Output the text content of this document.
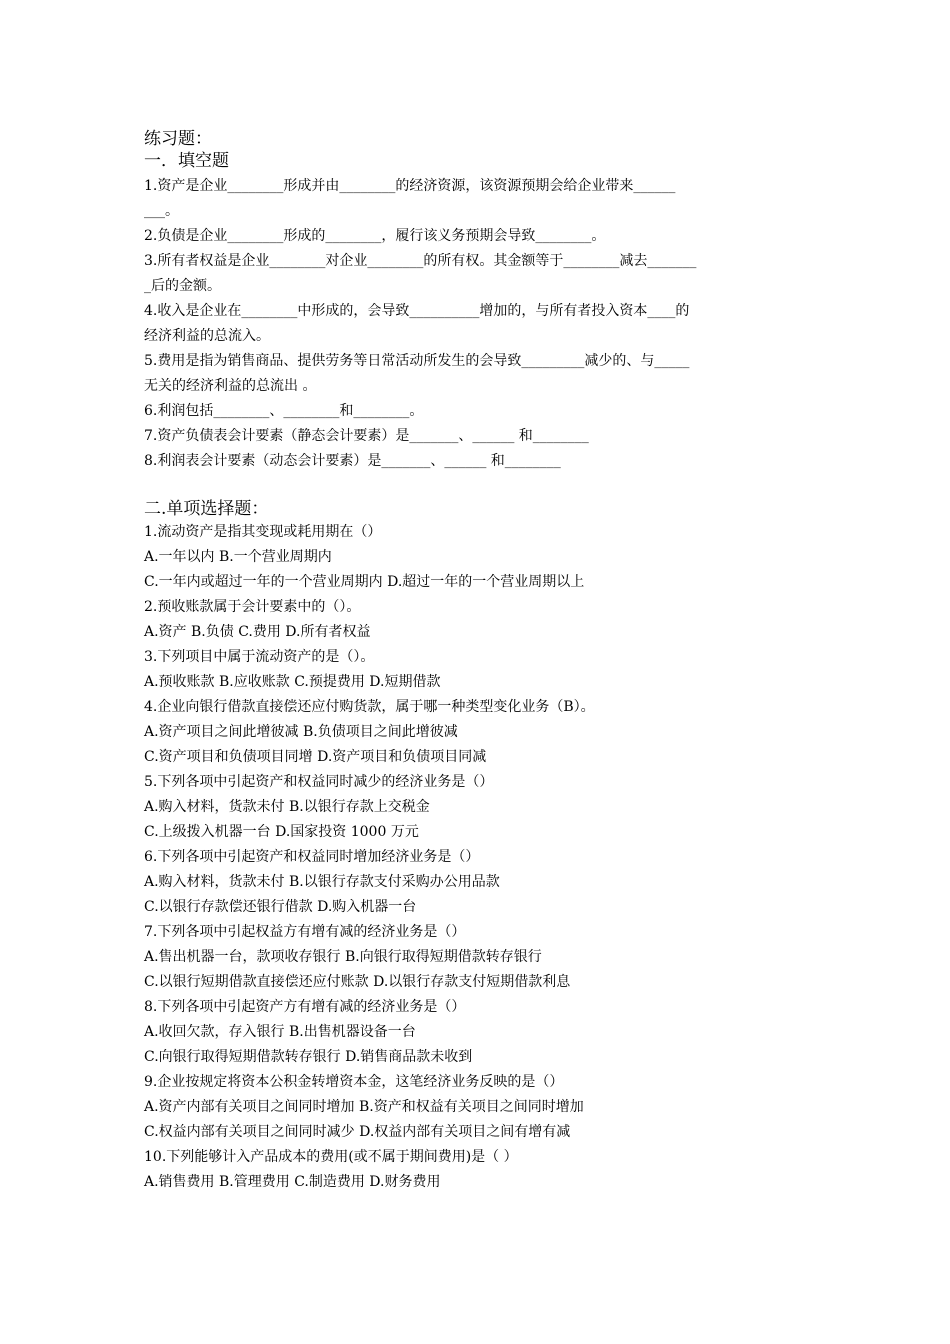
练习题：

一．填空题

1.资产是企业________形成并由________的经济资源，该资源预期会给企业带来______

___。

2.负债是企业________形成的________，履行该义务预期会导致________。

3.所有者权益是企业________对企业________的所有权。其金额等于________减去_______

_后的金额。

4.收入是企业在________中形成的，会导致__________增加的，与所有者投入资本____的

经济利益的总流入。

5.费用是指为销售商品、提供劳务等日常活动所发生的会导致_________减少的、与_____

无关的经济利益的总流出 。

6.利润包括________、________和________。

7.资产负债表会计要素（静态会计要素）是_______、______ 和________

8.利润表会计要素（动态会计要素）是_______、______ 和________

二.单项选择题：

1.流动资产是指其变现或耗用期在（）

A.一年以内 B.一个营业周期内

C.一年内或超过一年的一个营业周期内 D.超过一年的一个营业周期以上

2.预收账款属于会计要素中的（）。

A.资产 B.负债 C.费用 D.所有者权益

3.下列项目中属于流动资产的是（）。

A.预收账款 B.应收账款 C.预提费用 D.短期借款

4.企业向银行借款直接偿还应付购货款，属于哪一种类型变化业务（B）。

A.资产项目之间此增彼减 B.负债项目之间此增彼减

C.资产项目和负债项目同增 D.资产项目和负债项目同减

5.下列各项中引起资产和权益同时减少的经济业务是（）

A.购入材料，货款未付 B.以银行存款上交税金

C.上级拨入机器一台 D.国家投资 1000 万元

6.下列各项中引起资产和权益同时增加经济业务是（）

A.购入材料，货款未付 B.以银行存款支付采购办公用品款

C.以银行存款偿还银行借款 D.购入机器一台

7.下列各项中引起权益方有增有减的经济业务是（）

A.售出机器一台，款项收存银行 B.向银行取得短期借款转存银行

C.以银行短期借款直接偿还应付账款 D.以银行存款支付短期借款利息

8.下列各项中引起资产方有增有减的经济业务是（）

A.收回欠款，存入银行 B.出售机器设备一台

C.向银行取得短期借款转存银行 D.销售商品款未收到

9.企业按规定将资本公积金转增资本金，这笔经济业务反映的是（）

A.资产内部有关项目之间同时增加 B.资产和权益有关项目之间同时增加

C.权益内部有关项目之间同时减少 D.权益内部有关项目之间有增有减

10.下列能够计入产品成本的费用(或不属于期间费用)是（ ）

A.销售费用 B.管理费用 C.制造费用 D.财务费用
